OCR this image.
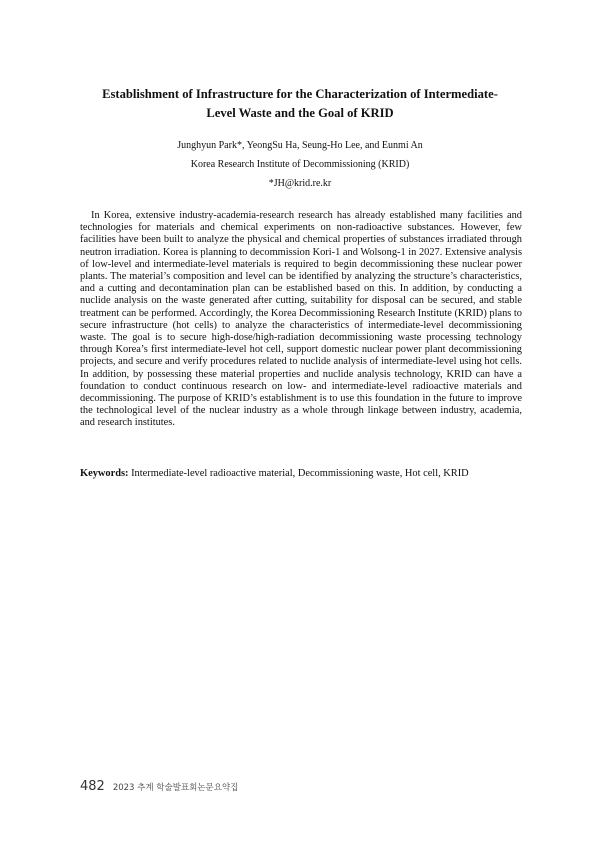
Establishment of Infrastructure for the Characterization of Intermediate-Level Waste and the Goal of KRID
Junghyun Park*, YeongSu Ha, Seung-Ho Lee, and Eunmi An
Korea Research Institute of Decommissioning (KRID)
*JH@krid.re.kr

In Korea, extensive industry-academia-research research has already established many facilities and technologies for materials and chemical experiments on non-radioactive substances. However, few facilities have been built to analyze the physical and chemical properties of substances irradiated through neutron irradiation. Korea is planning to decommission Kori-1 and Wolsong-1 in 2027. Extensive analysis of low-level and intermediate-level materials is required to begin decommissioning these nuclear power plants. The material’s composition and level can be identified by analyzing the structure’s characteristics, and a cutting and decontamination plan can be established based on this. In addition, by conducting a nuclide analysis on the waste generated after cutting, suitability for disposal can be secured, and stable treatment can be performed. Accordingly, the Korea Decommissioning Research Institute (KRID) plans to secure infrastructure (hot cells) to analyze the characteristics of intermediate-level decommissioning waste. The goal is to secure high-dose/high-radiation decommissioning waste processing technology through Korea’s first intermediate-level hot cell, support domestic nuclear power plant decommissioning projects, and secure and verify procedures related to nuclide analysis of intermediate-level using hot cells. In addition, by possessing these material properties and nuclide analysis technology, KRID can have a foundation to conduct continuous research on low- and intermediate-level radioactive materials and decommissioning. The purpose of KRID’s establishment is to use this foundation in the future to improve the technological level of the nuclear industry as a whole through linkage between industry, academia, and research institutes.

Keywords: Intermediate-level radioactive material, Decommissioning waste, Hot cell, KRID
482 2023 추계 학술발표회논문요약집
